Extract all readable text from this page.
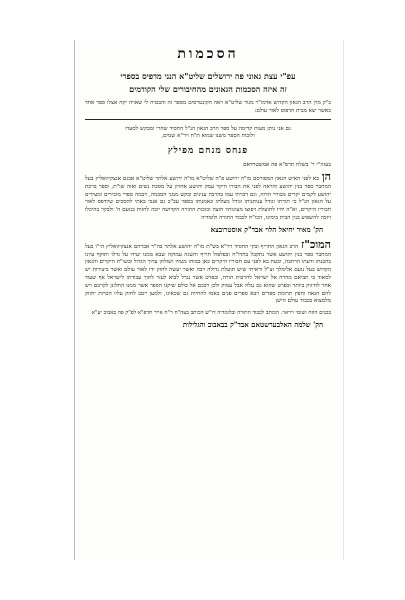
הסכמות
עפ"י עצת גאוני פה ירושלים שליט"א הנני מדפיס בספרי
זה איזה הסכמות הגאונים מהחיבורים שלי הקודמים
כ"ק מרן הרב הגאון הקדוש אדמו"ר מגור שליט"א ראה הקונטרסים מספר זה והבטיח לי שאויה יקח אצלו ספר אחד כאשר יצא מבית הדפוס לאור עולם:
גם אני נותן מעות קדימה על ספר הרב הגאון הנ"ל החסיד שהרי ומבקש לסעדו
ולזכות הספר משנו שמוא ת"ח ויר"א שמים,
פנחס מנחם מפילץ
בעזה"י ר' בשלח תרפ"א פה אמשטרדאם
הןבא לפני האיש הגאון המפורסם מו"ה ירושע פ"ה שליט"א מו"ה ירושע אלתר שליט"א אבגם אנצקיוואליץ בעל המחבר ספר בנין יהושע והראה לפני את חבורו היקר עמק יהושע אחרון על מסכת נשים ואזה שו"ת, וספר ברכת יהושע לקמים יקרים מבורר הדוה, וגם דברתי עמו בהרבה ענינים ובקש ממני הסכמה, ויבמה ספרי מזכירים ומעידים על הגאון הנ"ל כי תורתו וגודל ענותנותו וגודל מעלתו ונאמנותו בספר עכ"כ גם אנכי באתי להסכים שיודפס לאור חבוריו היקרים, וא"ה יהיו לתועלת ויפוצו מעינותיו חוצה ובזכות התורה הקדושה יזכה לחזות בנועם ה' ולבקר בהיכלו ויזכה להשפיע בנין הבית בימינו, הכו"ח לכבוד התורה ולומדיה
הק' מאיר יחיאל הלוי אבד"ק אוסטרובצא
המוכ"זהרב הגאון החריף ובקי החסיד ויר"א בש"ת מו"ה יהושע אלתר בה"ר אברהם אנצקיוואליץ הי"ו בעל המחבר ספר בנין יהושע אשר נתקבל בחדו"ח ובפלפול חריף והשגה עמוקה שבא ממנו יעידו על גדלו ותוקף עיונו בהבנתו ודעתו הרחבה, וכעת בא לפני עם חבוריו היקרים כאן במוהו מגמיו ושולחן ערוך הגדול ובשו"ת היקרים והגאון הקדוש בעל נועם אלימלך זצ"ל וראיתי שיש תועלת גדולה ויבה ואשר יעשה לחזק ידו לאור עולם ואשר ביצירות יש למאוד כי תביאם מהרה אל ישראל להרבות תורה, ובפרט אשר נגרל לבוא לעזר לתוך עבודתו לישראל אף שעוד אחר לחיזוק ביותר ובפרט שהוא גם נגלה אבל עמוק ולכן רבכם אל כולם שיקנו הספר אשר ממנו התלונן לקרבם ויש להם הנאה וחפץ תרומת ספרים ויבא ספרים פנים כאמו להחיות גם שכאינו, ולמען ייטב לחזק עליו הכרות יחזוק מלמצוא בכבוד עולם הישן
בכנים הוזח ושומי ויראוי. הכותב לכבוד התורה ובלומדיה דו"ש הכותב בעה"ח ר"ח אייר תרפ"א לפ"ק פה באבוב יע"א
הק' שלמה האלבערשטאם אבד"ק בבאבוב והגלילות
